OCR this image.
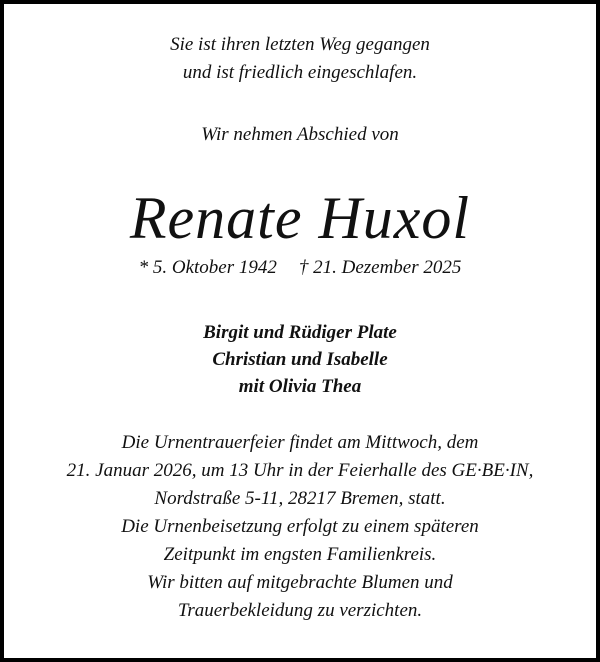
Sie ist ihren letzten Weg gegangen
und ist friedlich eingeschlafen.
Wir nehmen Abschied von
Renate Huxol
* 5. Oktober 1942 † 21. Dezember 2025
Birgit und Rüdiger Plate
Christian und Isabelle
mit Olivia Thea
Die Urnentrauerfeier findet am Mittwoch, dem
21. Januar 2026, um 13 Uhr in der Feierhalle des GE·BE·IN,
Nordstraße 5-11, 28217 Bremen, statt.
Die Urnenbeisetzung erfolgt zu einem späteren
Zeitpunkt im engsten Familienkreis.
Wir bitten auf mitgebrachte Blumen und
Trauerbekleidung zu verzichten.
